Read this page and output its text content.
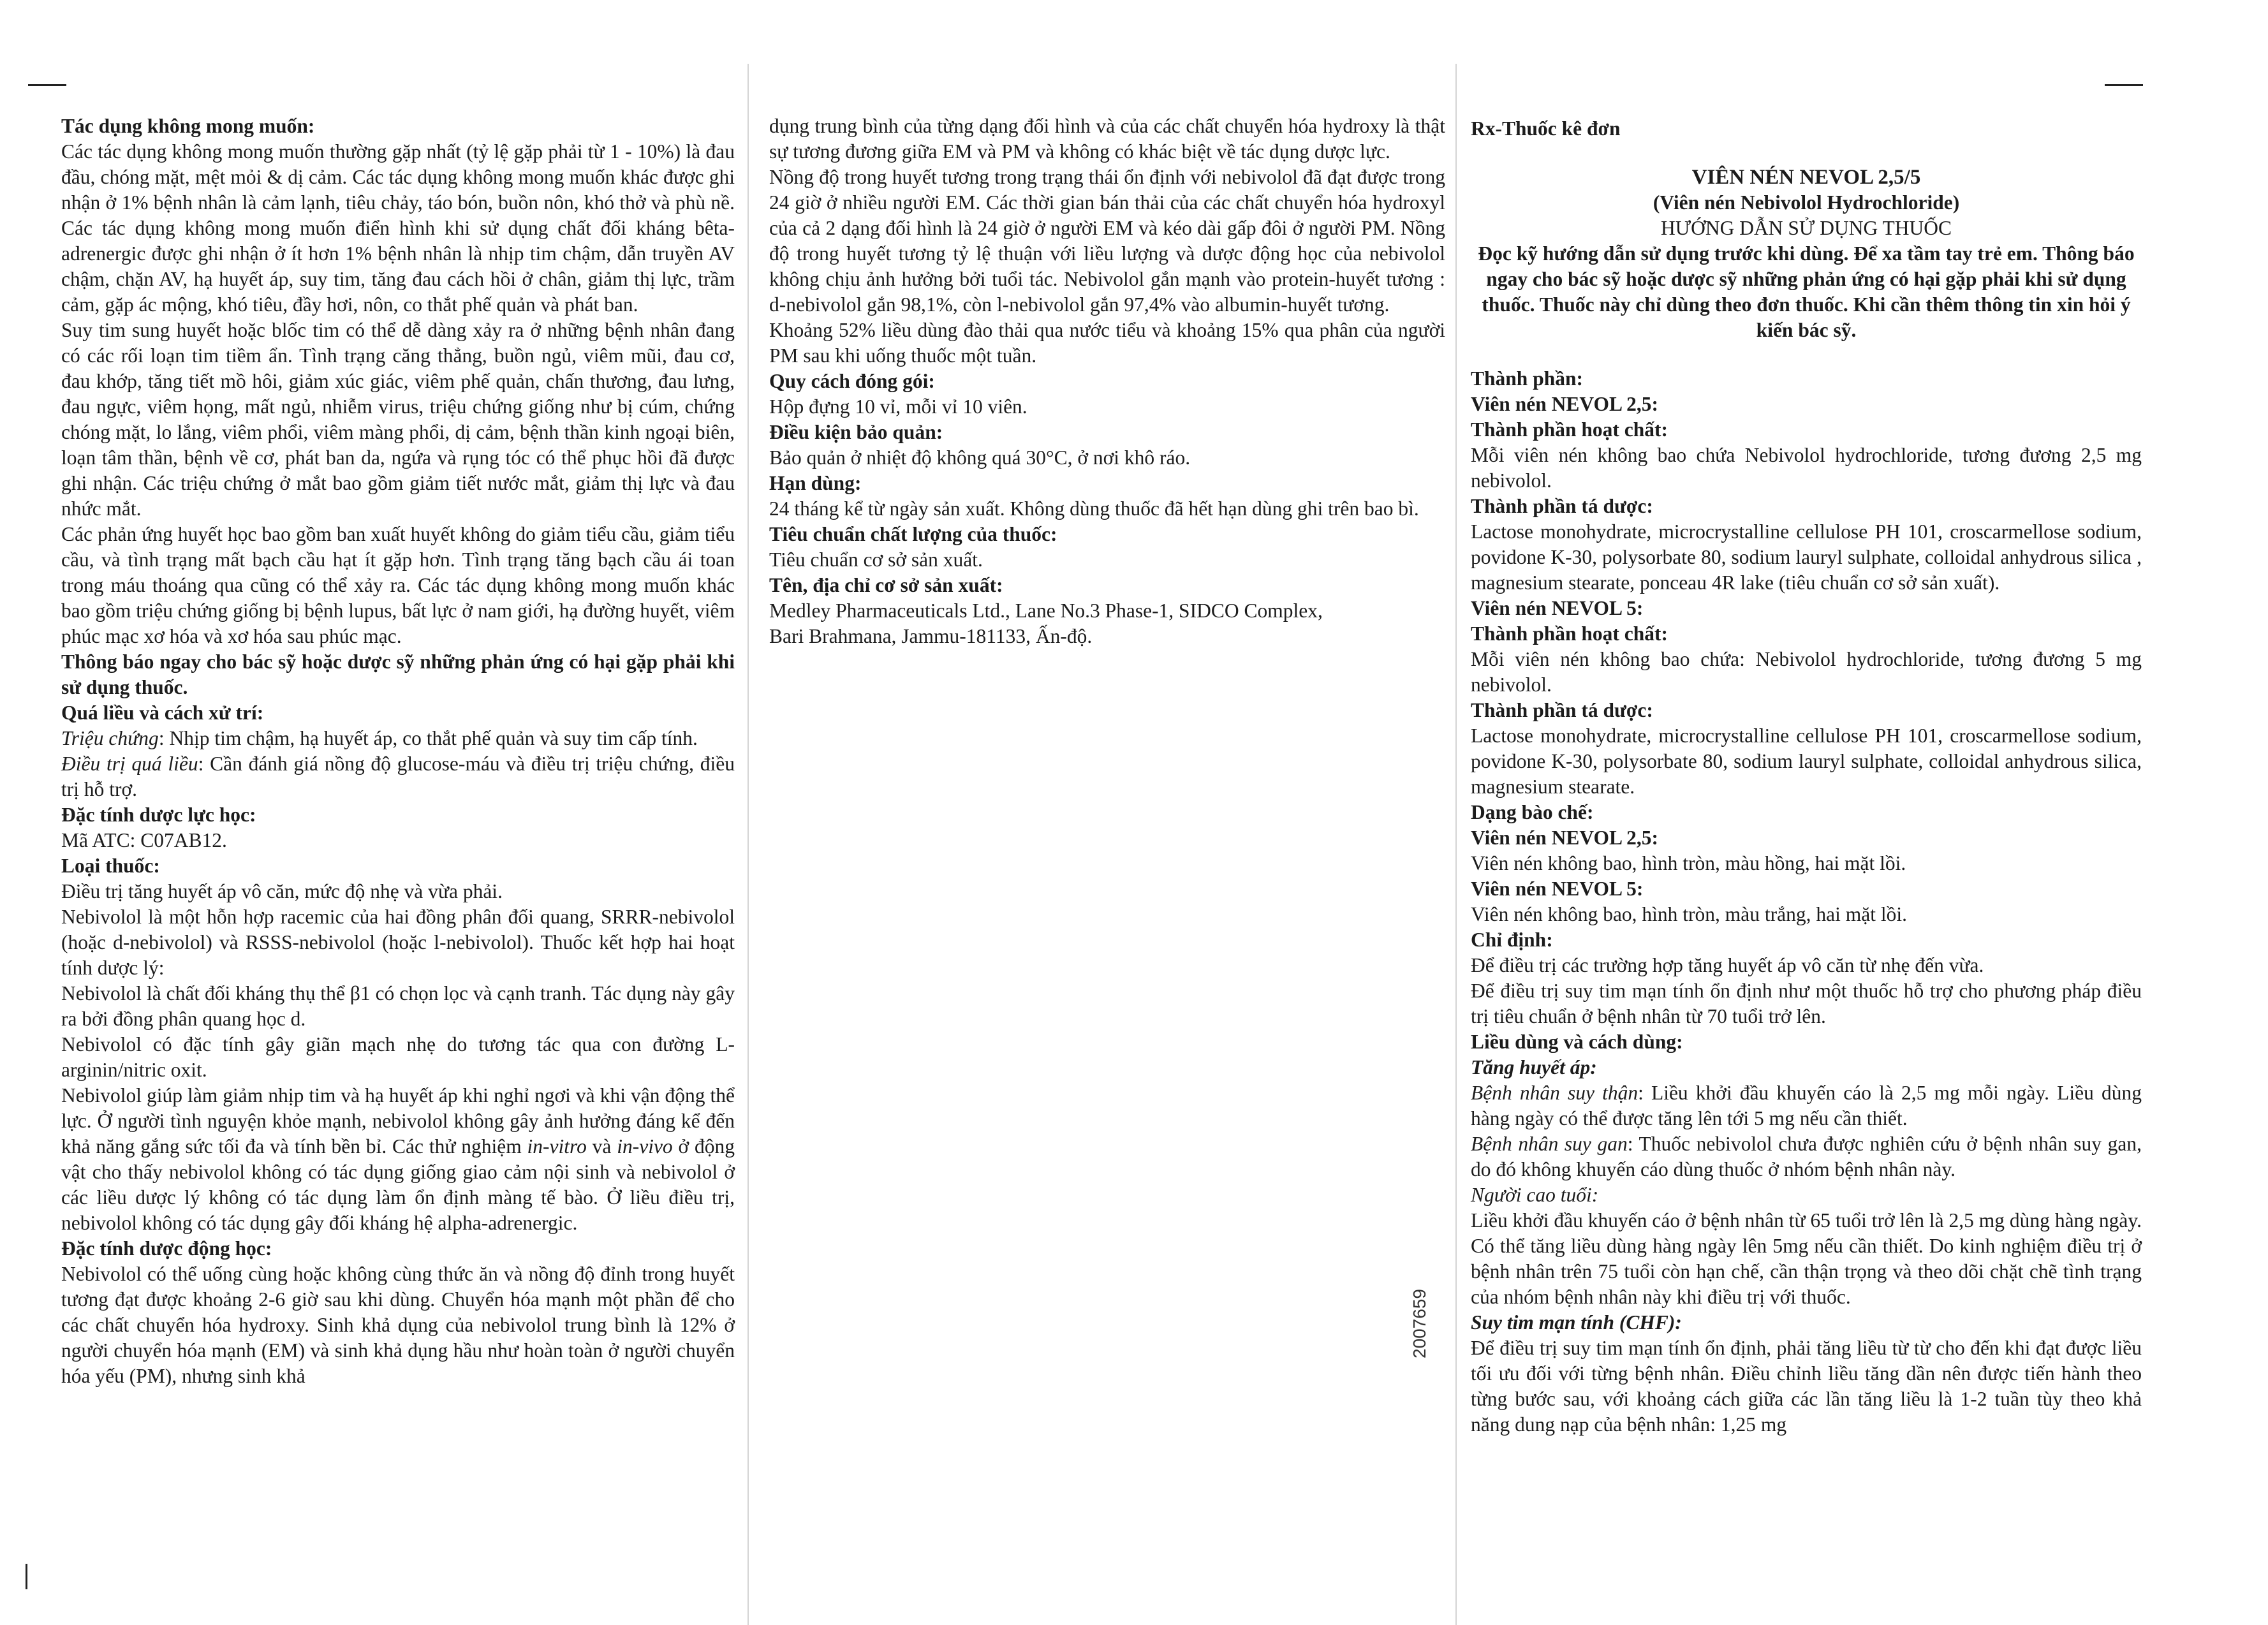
Tác dụng không mong muốn:

Các tác dụng không mong muốn thường gặp nhất (tỷ lệ gặp phải từ 1 - 10%) là đau đầu, chóng mặt, mệt mỏi & dị cảm. Các tác dụng không mong muốn khác được ghi nhận ở 1% bệnh nhân là cảm lạnh, tiêu chảy, táo bón, buồn nôn, khó thở và phù nề. Các tác dụng không mong muốn điển hình khi sử dụng chất đối kháng bêta-adrenergic được ghi nhận ở ít hơn 1% bệnh nhân là nhịp tim chậm, dẫn truyền AV chậm, chặn AV, hạ huyết áp, suy tim, tăng đau cách hồi ở chân, giảm thị lực, trầm cảm, gặp ác mộng, khó tiêu, đầy hơi, nôn, co thắt phế quản và phát ban.

Suy tim sung huyết hoặc blốc tim có thể dễ dàng xảy ra ở những bệnh nhân đang có các rối loạn tim tiềm ẩn. Tình trạng căng thẳng, buồn ngủ, viêm mũi, đau cơ, đau khớp, tăng tiết mồ hôi, giảm xúc giác, viêm phế quản, chấn thương, đau lưng, đau ngực, viêm họng, mất ngủ, nhiễm virus, triệu chứng giống như bị cúm, chứng chóng mặt, lo lắng, viêm phổi, viêm màng phổi, dị cảm, bệnh thần kinh ngoại biên, loạn tâm thần, bệnh về cơ, phát ban da, ngứa và rụng tóc có thể phục hồi đã được ghi nhận. Các triệu chứng ở mắt bao gồm giảm tiết nước mắt, giảm thị lực và đau nhức mắt.

Các phản ứng huyết học bao gồm ban xuất huyết không do giảm tiểu cầu, giảm tiểu cầu, và tình trạng mất bạch cầu hạt ít gặp hơn. Tình trạng tăng bạch cầu ái toan trong máu thoáng qua cũng có thể xảy ra. Các tác dụng không mong muốn khác bao gồm triệu chứng giống bị bệnh lupus, bất lực ở nam giới, hạ đường huyết, viêm phúc mạc xơ hóa và xơ hóa sau phúc mạc.

Thông báo ngay cho bác sỹ hoặc dược sỹ những phản ứng có hại gặp phải khi sử dụng thuốc.
Quá liều và cách xử trí:

Triệu chứng: Nhịp tim chậm, hạ huyết áp, co thắt phế quản và suy tim cấp tính.

Điều trị quá liều: Cần đánh giá nồng độ glucose-máu và điều trị triệu chứng, điều trị hỗ trợ.

Đặc tính dược lực học:

Mã ATC: C07AB12.

Loại thuốc:

Điều trị tăng huyết áp vô căn, mức độ nhẹ và vừa phải.

Nebivolol là một hỗn hợp racemic của hai đồng phân đối quang, SRRR-nebivolol (hoặc d-nebivolol) và RSSS-nebivolol (hoặc l-nebivolol). Thuốc kết hợp hai hoạt tính dược lý:

Nebivolol là chất đối kháng thụ thể β1 có chọn lọc và cạnh tranh. Tác dụng này gây ra bởi đồng phân quang học d.

Nebivolol có đặc tính gây giãn mạch nhẹ do tương tác qua con đường L-arginin/nitric oxit.

Nebivolol giúp làm giảm nhịp tim và hạ huyết áp khi nghỉ ngơi và khi vận động thể lực. Ở người tình nguyện khỏe mạnh, nebivolol không gây ảnh hưởng đáng kể đến khả năng gắng sức tối đa và tính bền bỉ. Các thử nghiệm in-vitro và in-vivo ở động vật cho thấy nebivolol không có tác dụng giống giao cảm nội sinh và nebivolol ở các liều dược lý không có tác dụng làm ổn định màng tế bào. Ở liều điều trị, nebivolol không có tác dụng gây đối kháng hệ alpha-adrenergic.

Đặc tính dược động học:

Nebivolol có thể uống cùng hoặc không cùng thức ăn và nồng độ đỉnh trong huyết tương đạt được khoảng 2-6 giờ sau khi dùng. Chuyển hóa mạnh một phần để cho các chất chuyển hóa hydroxy. Sinh khả dụng của nebivolol trung bình là 12% ở người chuyển hóa mạnh (EM) và sinh khả dụng hầu như hoàn toàn ở người chuyển hóa yếu (PM), nhưng sinh khả

dụng trung bình của từng dạng đối hình và của các chất chuyển hóa hydroxy là thật sự tương đương giữa EM và PM và không có khác biệt về tác dụng dược lực.

Nồng độ trong huyết tương trong trạng thái ổn định với nebivolol đã đạt được trong 24 giờ ở nhiều người EM. Các thời gian bán thải của các chất chuyển hóa hydroxyl của cả 2 dạng đối hình là 24 giờ ở người EM và kéo dài gấp đôi ở người PM. Nồng độ trong huyết tương tỷ lệ thuận với liều lượng và dược động học của nebivolol không chịu ảnh hưởng bởi tuổi tác. Nebivolol gắn mạnh vào protein-huyết tương : d-nebivolol gắn 98,1%, còn l-nebivolol gắn 97,4% vào albumin-huyết tương.

Khoảng 52% liều dùng đào thải qua nước tiểu và khoảng 15% qua phân của người PM sau khi uống thuốc một tuần.

Quy cách đóng gói:

Hộp đựng 10 vỉ, mỗi vỉ 10 viên.

Điều kiện bảo quản:

Bảo quản ở nhiệt độ không quá 30°C, ở nơi khô ráo.

Hạn dùng:

24 tháng kể từ ngày sản xuất. Không dùng thuốc đã hết hạn dùng ghi trên bao bì.

Tiêu chuẩn chất lượng của thuốc:

Tiêu chuẩn cơ sở sản xuất.

Tên, địa chỉ cơ sở sản xuất:

Medley Pharmaceuticals Ltd., Lane No.3 Phase-1, SIDCO Complex,

Bari Brahmana, Jammu-181133, Ấn-độ.

2007659
Rx-Thuốc kê đơn

VIÊN NÉN NEVOL 2,5/5

(Viên nén Nebivolol Hydrochloride)

HƯỚNG DẪN SỬ DỤNG THUỐC

Đọc kỹ hướng dẫn sử dụng trước khi dùng. Để xa tầm tay trẻ em. Thông báo ngay cho bác sỹ hoặc dược sỹ những phản ứng có hại gặp phải khi sử dụng thuốc. Thuốc này chỉ dùng theo đơn thuốc. Khi cần thêm thông tin xin hỏi ý kiến bác sỹ.

Thành phần:
Viên nén NEVOL 2,5:
Thành phần hoạt chất:

Mỗi viên nén không bao chứa Nebivolol hydrochloride, tương đương 2,5 mg nebivolol.

Thành phần tá dược:

Lactose monohydrate, microcrystalline cellulose PH 101, croscarmellose sodium, povidone K-30, polysorbate 80, sodium lauryl sulphate, colloidal anhydrous silica , magnesium stearate, ponceau 4R lake (tiêu chuẩn cơ sở sản xuất).

Viên nén NEVOL 5:
Thành phần hoạt chất:

Mỗi viên nén không bao chứa: Nebivolol hydrochloride, tương đương 5 mg nebivolol.

Thành phần tá dược:

Lactose monohydrate, microcrystalline cellulose PH 101, croscarmellose sodium, povidone K-30, polysorbate 80, sodium lauryl sulphate, colloidal anhydrous silica, magnesium stearate.

Dạng bào chế:
Viên nén NEVOL 2,5:

Viên nén không bao, hình tròn, màu hồng, hai mặt lồi.

Viên nén NEVOL 5:

Viên nén không bao, hình tròn, màu trắng, hai mặt lồi.

Chỉ định:

Để điều trị các trường hợp tăng huyết áp vô căn từ nhẹ đến vừa.

Để điều trị suy tim mạn tính ổn định như một thuốc hỗ trợ cho phương pháp điều trị tiêu chuẩn ở bệnh nhân từ 70 tuổi trở lên.

Liều dùng và cách dùng:
Tăng huyết áp:

Bệnh nhân suy thận: Liều khởi đầu khuyến cáo là 2,5 mg mỗi ngày. Liều dùng hàng ngày có thể được tăng lên tới 5 mg nếu cần thiết.

Bệnh nhân suy gan: Thuốc nebivolol chưa được nghiên cứu ở bệnh nhân suy gan, do đó không khuyến cáo dùng thuốc ở nhóm bệnh nhân này.

Người cao tuổi:

Liều khởi đầu khuyến cáo ở bệnh nhân từ 65 tuổi trở lên là 2,5 mg dùng hàng ngày. Có thể tăng liều dùng hàng ngày lên 5mg nếu cần thiết. Do kinh nghiệm điều trị ở bệnh nhân trên 75 tuổi còn hạn chế, cần thận trọng và theo dõi chặt chẽ tình trạng của nhóm bệnh nhân này khi điều trị với thuốc.

Suy tim mạn tính (CHF):

Để điều trị suy tim mạn tính ổn định, phải tăng liều từ từ cho đến khi đạt được liều tối ưu đối với từng bệnh nhân. Điều chỉnh liều tăng dần nên được tiến hành theo từng bước sau, với khoảng cách giữa các lần tăng liều là 1-2 tuần tùy theo khả năng dung nạp của bệnh nhân: 1,25 mg
